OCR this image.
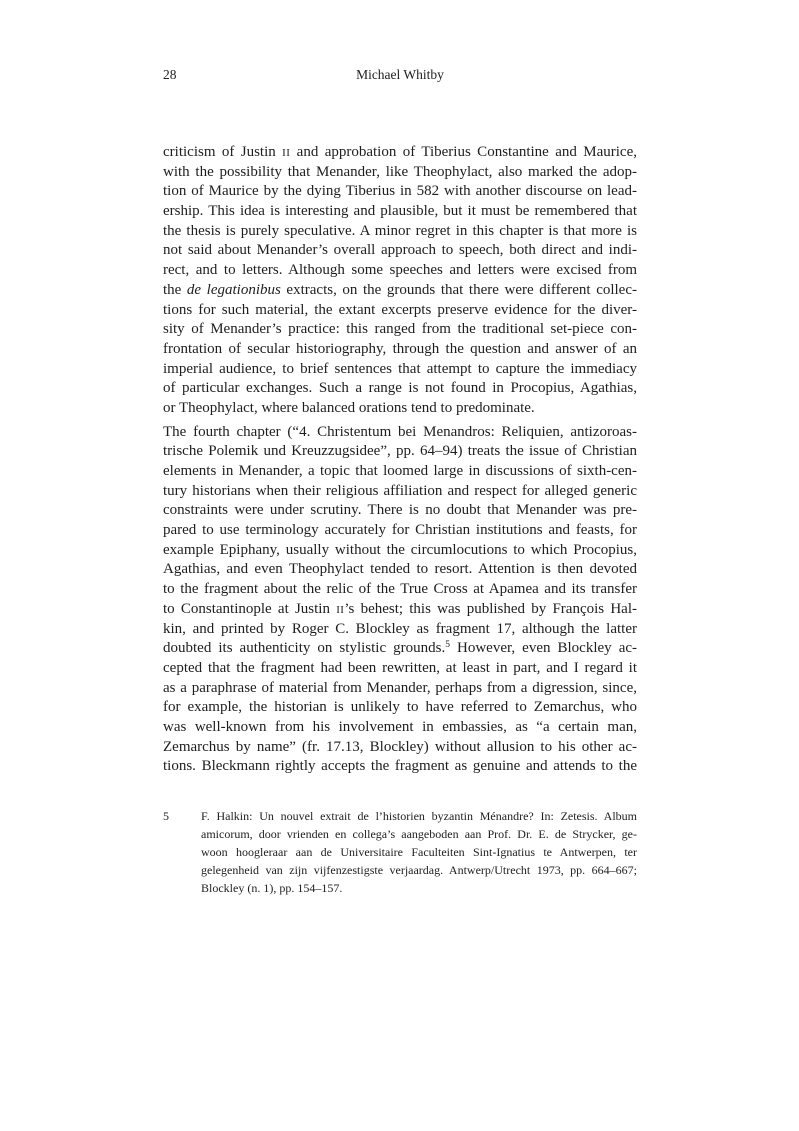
28	Michael Whitby
criticism of Justin II and approbation of Tiberius Constantine and Maurice,
with the possibility that Menander, like Theophylact, also marked the adop-
tion of Maurice by the dying Tiberius in 582 with another discourse on lead-
ership. This idea is interesting and plausible, but it must be remembered that
the thesis is purely speculative. A minor regret in this chapter is that more is
not said about Menander’s overall approach to speech, both direct and indi-
rect, and to letters. Although some speeches and letters were excised from
the de legationibus extracts, on the grounds that there were different collec-
tions for such material, the extant excerpts preserve evidence for the diver-
sity of Menander’s practice: this ranged from the traditional set-piece con-
frontation of secular historiography, through the question and answer of an
imperial audience, to brief sentences that attempt to capture the immediacy
of particular exchanges. Such a range is not found in Procopius, Agathias,
or Theophylact, where balanced orations tend to predominate.
The fourth chapter (“4. Christentum bei Menandros: Reliquien, antizoroas-
trische Polemik und Kreuzzugsidee”, pp. 64–94) treats the issue of Christian
elements in Menander, a topic that loomed large in discussions of sixth-cen-
tury historians when their religious affiliation and respect for alleged generic
constraints were under scrutiny. There is no doubt that Menander was pre-
pared to use terminology accurately for Christian institutions and feasts, for
example Epiphany, usually without the circumlocutions to which Procopius,
Agathias, and even Theophylact tended to resort. Attention is then devoted
to the fragment about the relic of the True Cross at Apamea and its transfer
to Constantinople at Justin II’s behest; this was published by François Hal-
kin, and printed by Roger C. Blockley as fragment 17, although the latter
doubted its authenticity on stylistic grounds.$^5$ However, even Blockley ac-
cepted that the fragment had been rewritten, at least in part, and I regard it
as a paraphrase of material from Menander, perhaps from a digression, since,
for example, the historian is unlikely to have referred to Zemarchus, who
was well-known from his involvement in embassies, as “a certain man,
Zemarchus by name” (fr. 17.13, Blockley) without allusion to his other ac-
tions. Bleckmann rightly accepts the fragment as genuine and attends to the
5	F. Halkin: Un nouvel extrait de l’historien byzantin Ménandre? In: Zetesis. Album
amicorum, door vrienden en collega’s aangeboden aan Prof. Dr. E. de Strycker, ge-
woon hoogleraar aan de Universitaire Faculteiten Sint-Ignatius te Antwerpen, ter
gelegenheid van zijn vijfenzestigste verjaardag. Antwerp/Utrecht 1973, pp. 664–667;
Blockley (n. 1), pp. 154–157.
